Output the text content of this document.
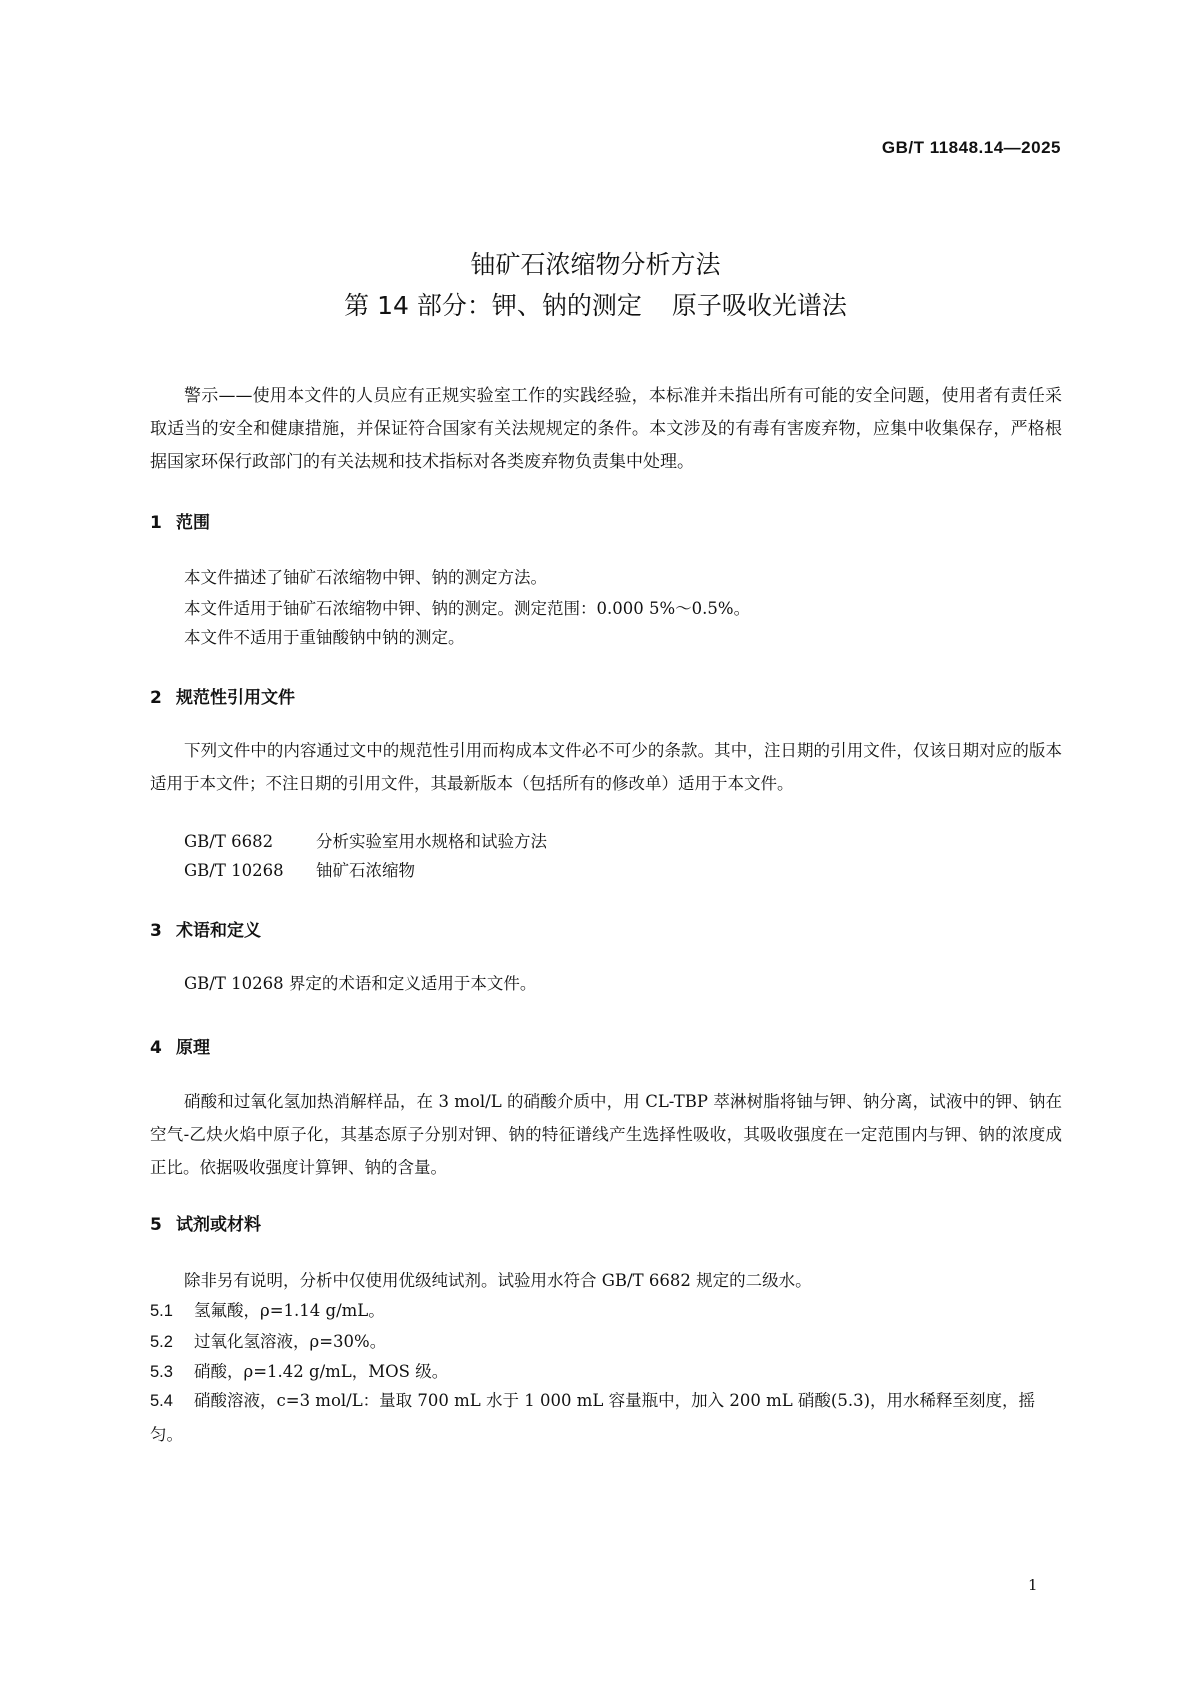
GB/T 11848.14—2025
铀矿石浓缩物分析方法
第 14 部分：钾、钠的测定 原子吸收光谱法
警示——使用本文件的人员应有正规实验室工作的实践经验，本标准并未指出所有可能的安全问题，使用者有责任采取适当的安全和健康措施，并保证符合国家有关法规规定的条件。本文涉及的有毒有害废弃物，应集中收集保存，严格根据国家环保行政部门的有关法规和技术指标对各类废弃物负责集中处理。
1 范围
本文件描述了铀矿石浓缩物中钾、钠的测定方法。
本文件适用于铀矿石浓缩物中钾、钠的测定。测定范围：0.000 5%～0.5%。
本文件不适用于重铀酸钠中钠的测定。
2 规范性引用文件
下列文件中的内容通过文中的规范性引用而构成本文件必不可少的条款。其中，注日期的引用文件，仅该日期对应的版本适用于本文件；不注日期的引用文件，其最新版本（包括所有的修改单）适用于本文件。
GB/T 6682	分析实验室用水规格和试验方法
GB/T 10268 铀矿石浓缩物
3 术语和定义
GB/T 10268 界定的术语和定义适用于本文件。
4 原理
硝酸和过氧化氢加热消解样品，在 3 mol/L 的硝酸介质中，用 CL-TBP 萃淋树脂将铀与钾、钠分离，试液中的钾、钠在空气-乙炔火焰中原子化，其基态原子分别对钾、钠的特征谱线产生选择性吸收，其吸收强度在一定范围内与钾、钠的浓度成正比。依据吸收强度计算钾、钠的含量。
5 试剂或材料
除非另有说明，分析中仅使用优级纯试剂。试验用水符合 GB/T 6682 规定的二级水。
5.1 氢氟酸，ρ=1.14 g/mL。
5.2 过氧化氢溶液，ρ=30%。
5.3 硝酸，ρ=1.42 g/mL，MOS 级。
5.4 硝酸溶液，c=3 mol/L：量取 700 mL 水于 1 000 mL 容量瓶中，加入 200 mL 硝酸(5.3)，用水稀释至刻度，摇匀。
1
